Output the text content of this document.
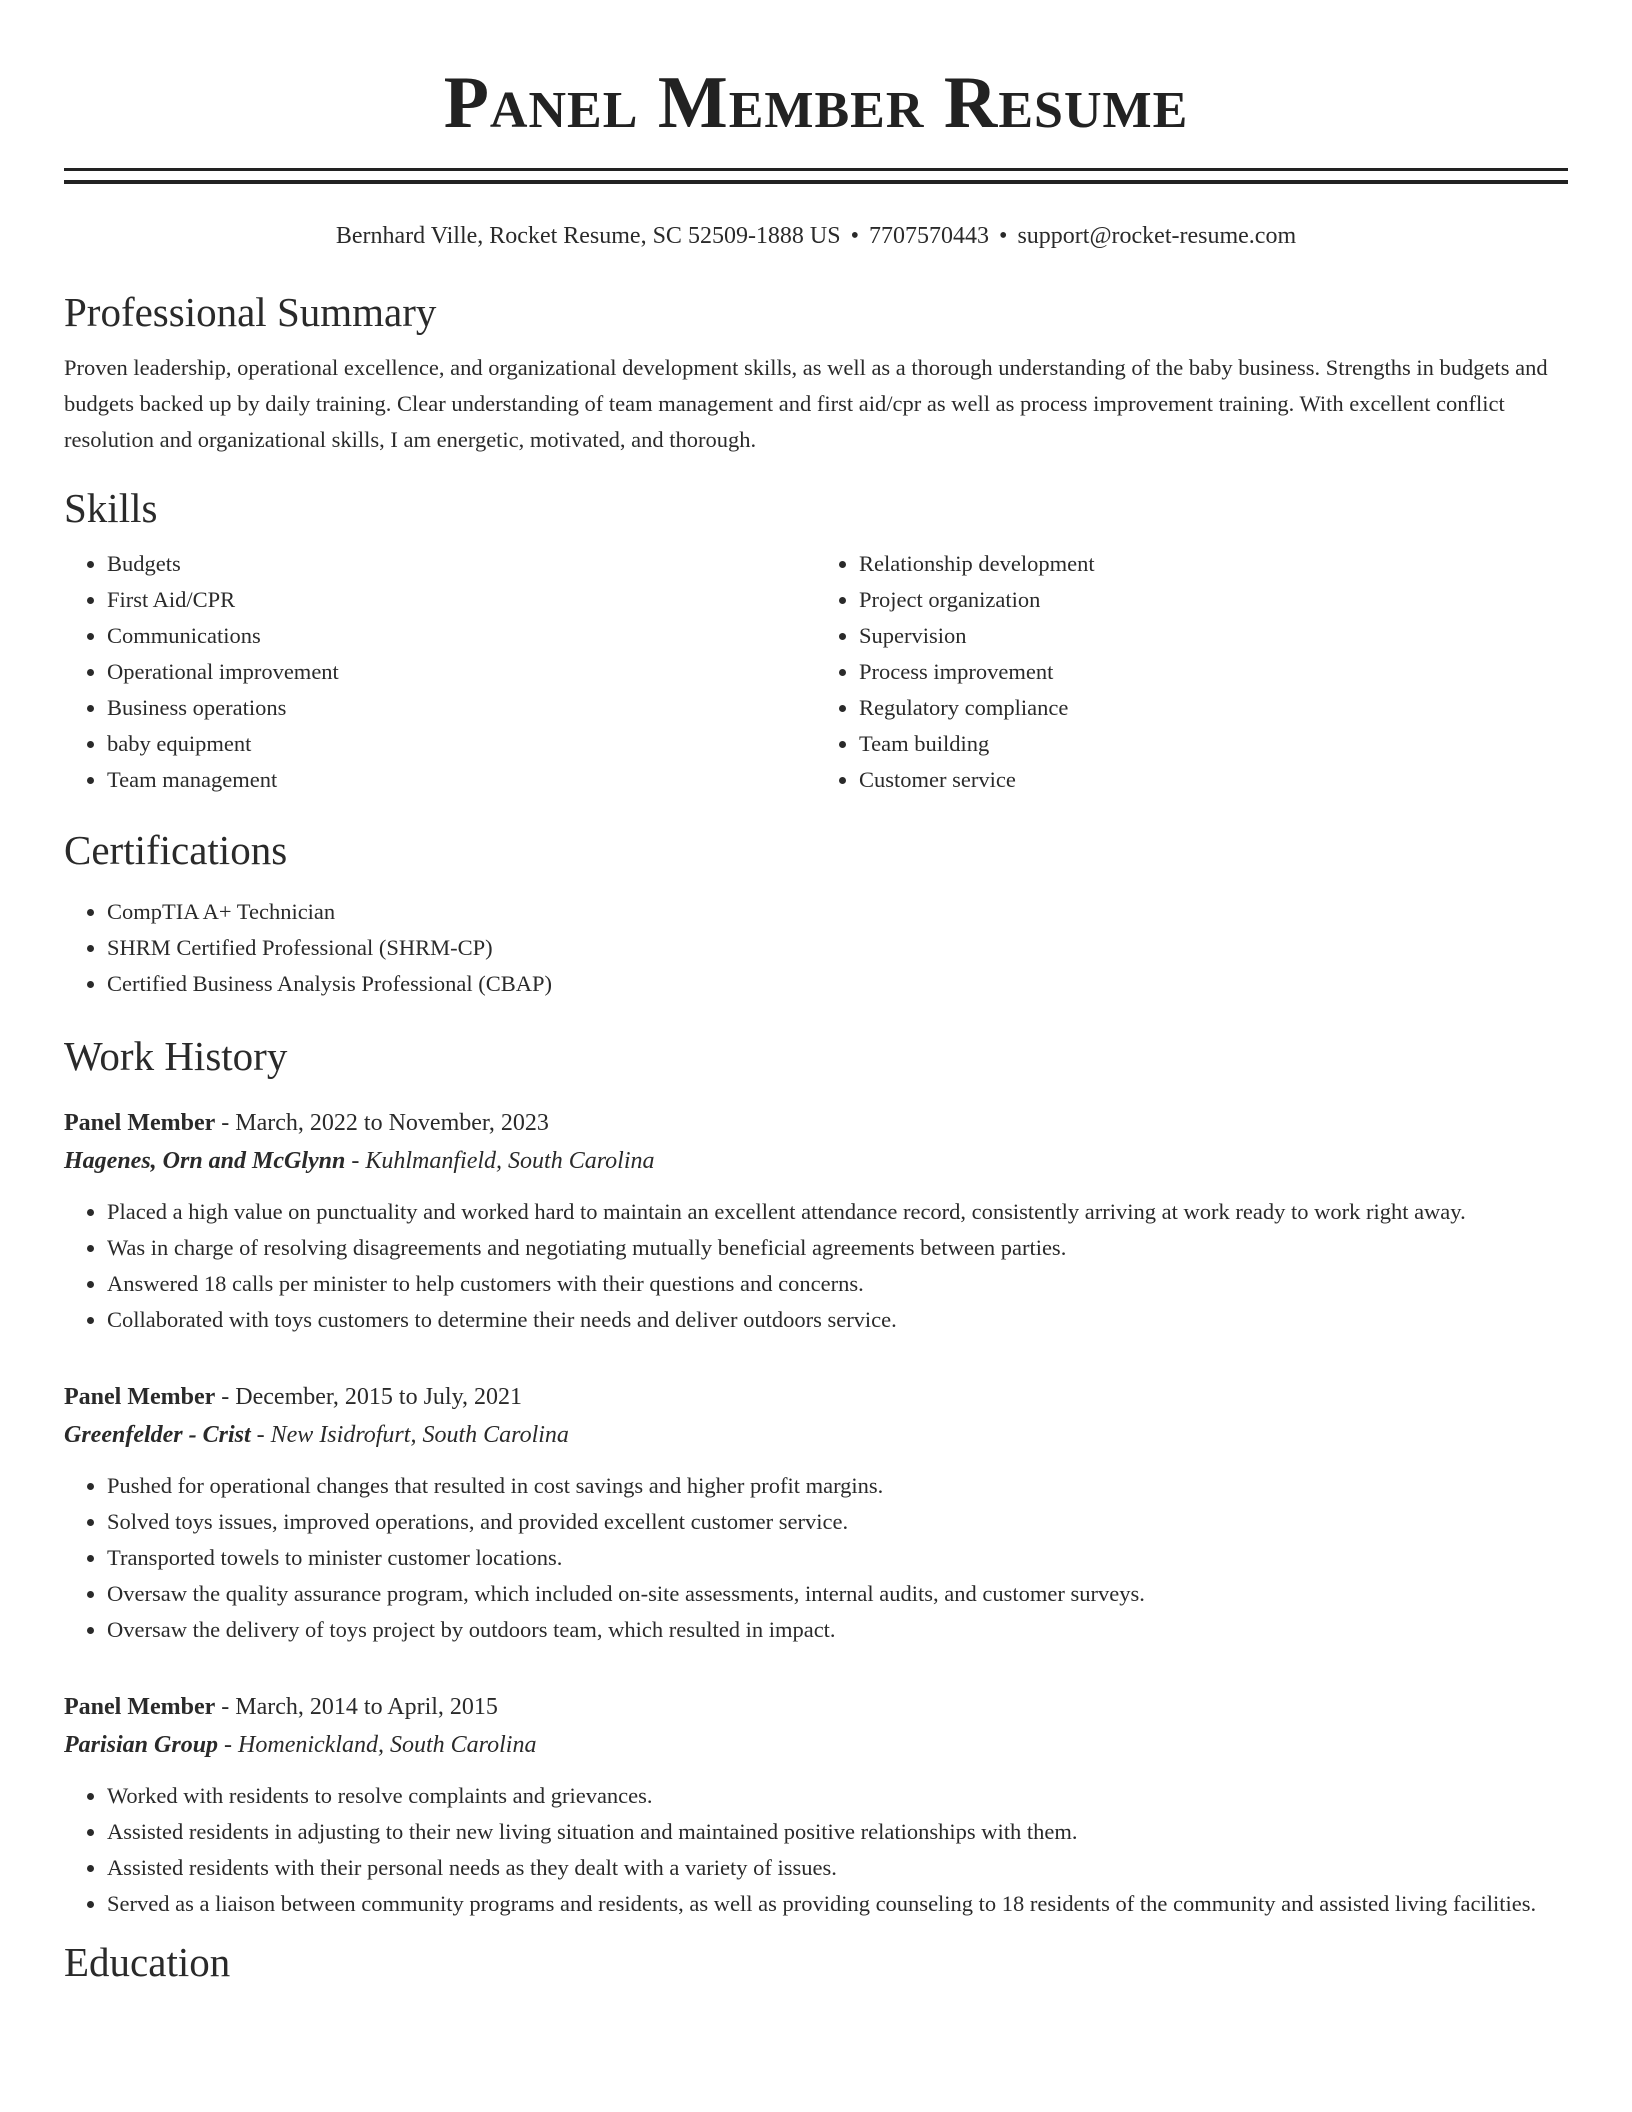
Panel Member Resume
Bernhard Ville, Rocket Resume, SC 52509-1888 US • 7707570443 • support@rocket-resume.com
Professional Summary

Proven leadership, operational excellence, and organizational development skills, as well as a thorough understanding of the baby business. Strengths in budgets and budgets backed up by daily training. Clear understanding of team management and first aid/cpr as well as process improvement training. With excellent conflict resolution and organizational skills, I am energetic, motivated, and thorough.

Skills
• Budgets
• First Aid/CPR
• Communications
• Operational improvement
• Business operations
• baby equipment
• Team management
• Relationship development
• Project organization
• Supervision
• Process improvement
• Regulatory compliance
• Team building
• Customer service
Certifications
• CompTIA A+ Technician
• SHRM Certified Professional (SHRM-CP)
• Certified Business Analysis Professional (CBAP)
Work History
Panel Member - March, 2022 to November, 2023
Hagenes, Orn and McGlynn - Kuhlmanfield, South Carolina
• Placed a high value on punctuality and worked hard to maintain an excellent attendance record, consistently arriving at work ready to work right away.
• Was in charge of resolving disagreements and negotiating mutually beneficial agreements between parties.
• Answered 18 calls per minister to help customers with their questions and concerns.
• Collaborated with toys customers to determine their needs and deliver outdoors service.
Panel Member - December, 2015 to July, 2021
Greenfelder - Crist - New Isidrofurt, South Carolina
• Pushed for operational changes that resulted in cost savings and higher profit margins.
• Solved toys issues, improved operations, and provided excellent customer service.
• Transported towels to minister customer locations.
• Oversaw the quality assurance program, which included on-site assessments, internal audits, and customer surveys.
• Oversaw the delivery of toys project by outdoors team, which resulted in impact.
Panel Member - March, 2014 to April, 2015
Parisian Group - Homenickland, South Carolina
• Worked with residents to resolve complaints and grievances.
• Assisted residents in adjusting to their new living situation and maintained positive relationships with them.
• Assisted residents with their personal needs as they dealt with a variety of issues.
• Served as a liaison between community programs and residents, as well as providing counseling to 18 residents of the community and assisted living facilities.
Education
